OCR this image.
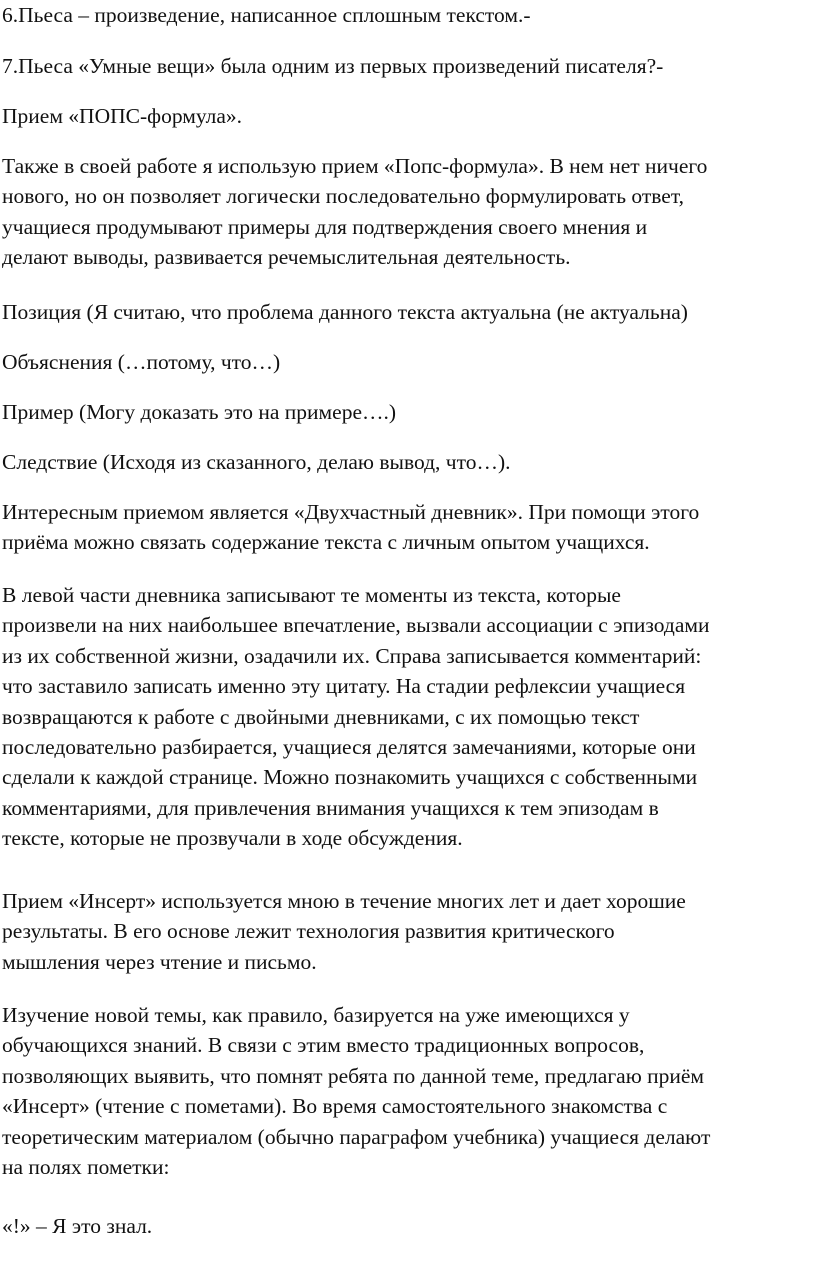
6.Пьеса – произведение, написанное сплошным текстом.-

7.Пьеса «Умные вещи» была одним из первых произведений писателя?-

Прием «ПОПС-формула».

Также в своей работе я использую прием «Попс-формула». В нем нет ничего
нового, но он позволяет логически последовательно формулировать ответ,
учащиеся продумывают примеры для подтверждения своего мнения и
делают выводы, развивается речемыслительная деятельность.

Позиция (Я считаю, что проблема данного текста актуальна (не актуальна)

Объяснения (…потому, что…)

Пример (Могу доказать это на примере….)

Следствие (Исходя из сказанного, делаю вывод, что…).

Интересным приемом является «Двухчастный дневник». При помощи этого
приёма можно связать содержание текста с личным опытом учащихся.

В левой части дневника записывают те моменты из текста, которые
произвели на них наибольшее впечатление, вызвали ассоциации с эпизодами
из их собственной жизни, озадачили их. Справа записывается комментарий:
что заставило записать именно эту цитату. На стадии рефлексии учащиеся
возвращаются к работе с двойными дневниками, с их помощью текст
последовательно разбирается, учащиеся делятся замечаниями, которые они
сделали к каждой странице. Можно познакомить учащихся с собственными
комментариями, для привлечения внимания учащихся к тем эпизодам в
тексте, которые не прозвучали в ходе обсуждения.

Прием «Инсерт» используется мною в течение многих лет и дает хорошие
результаты. В его основе лежит технология развития критического
мышления через чтение и письмо.

Изучение новой темы, как правило, базируется на уже имеющихся у
обучающихся знаний. В связи с этим вместо традиционных вопросов,
позволяющих выявить, что помнят ребята по данной теме, предлагаю приём
«Инсерт» (чтение с пометами). Во время самостоятельного знакомства с
теоретическим материалом (обычно параграфом учебника) учащиеся делают
на полях пометки:

«!» – Я это знал.
